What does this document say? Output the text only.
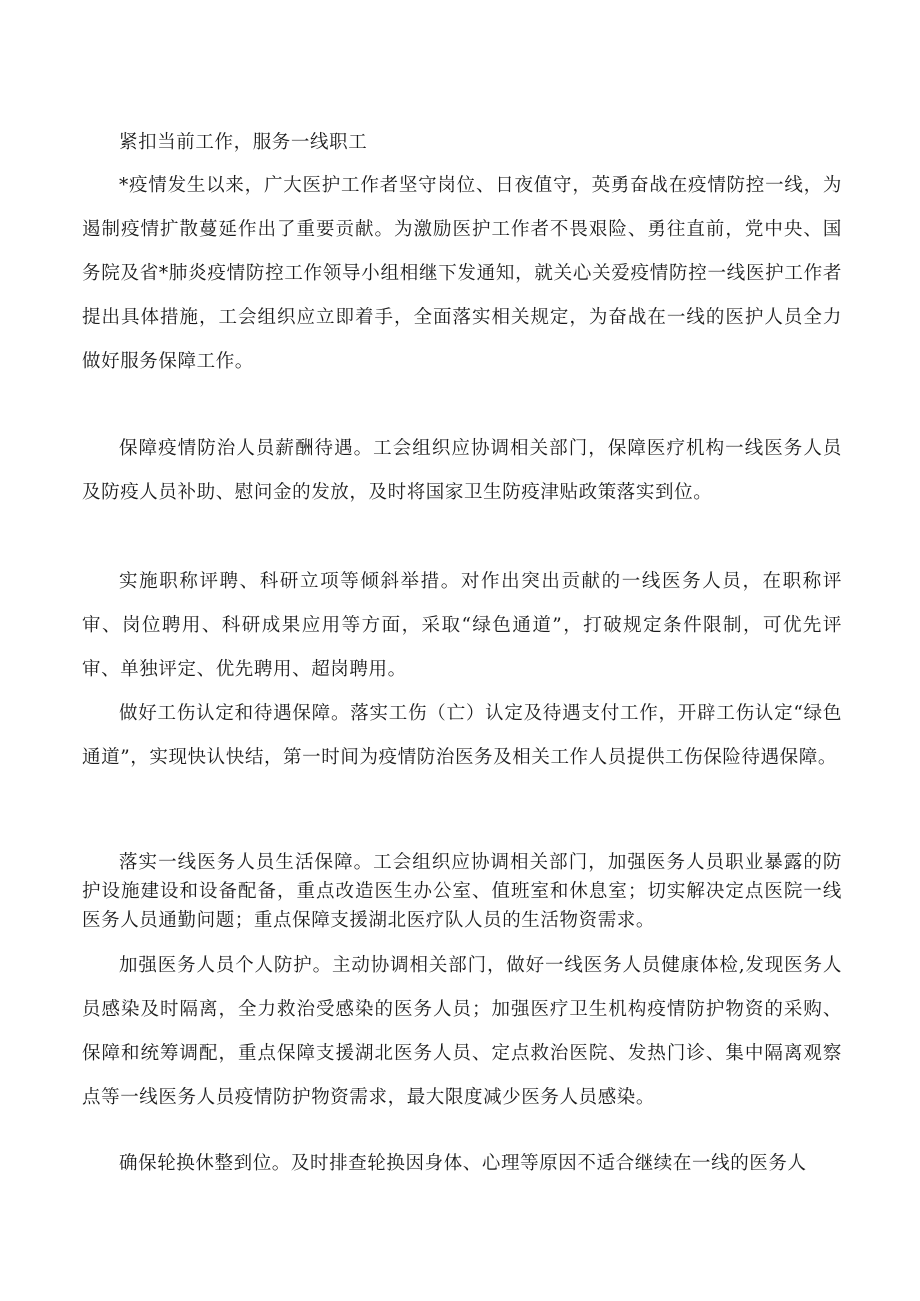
紧扣当前工作，服务一线职工

*疫情发生以来，广大医护工作者坚守岗位、日夜值守，英勇奋战在疫情防控一线，为遏制疫情扩散蔓延作出了重要贡献。为激励医护工作者不畏艰险、勇往直前，党中央、国务院及省*肺炎疫情防控工作领导小组相继下发通知，就关心关爱疫情防控一线医护工作者提出具体措施，工会组织应立即着手，全面落实相关规定，为奋战在一线的医护人员全力做好服务保障工作。

保障疫情防治人员薪酬待遇。工会组织应协调相关部门，保障医疗机构一线医务人员及防疫人员补助、慰问金的发放，及时将国家卫生防疫津贴政策落实到位。

实施职称评聘、科研立项等倾斜举措。对作出突出贡献的一线医务人员，在职称评审、岗位聘用、科研成果应用等方面，采取“绿色通道”，打破规定条件限制，可优先评审、单独评定、优先聘用、超岗聘用。

做好工伤认定和待遇保障。落实工伤（亡）认定及待遇支付工作，开辟工伤认定“绿色通道”，实现快认快结，第一时间为疫情防治医务及相关工作人员提供工伤保险待遇保障。

落实一线医务人员生活保障。工会组织应协调相关部门，加强医务人员职业暴露的防护设施建设和设备配备，重点改造医生办公室、值班室和休息室；切实解决定点医院一线医务人员通勤问题；重点保障支援湖北医疗队人员的生活物资需求。

加强医务人员个人防护。主动协调相关部门，做好一线医务人员健康体检,发现医务人员感染及时隔离，全力救治受感染的医务人员；加强医疗卫生机构疫情防护物资的采购、保障和统筹调配，重点保障支援湖北医务人员、定点救治医院、发热门诊、集中隔离观察点等一线医务人员疫情防护物资需求，最大限度减少医务人员感染。

确保轮换休整到位。及时排查轮换因身体、心理等原因不适合继续在一线的医务人
